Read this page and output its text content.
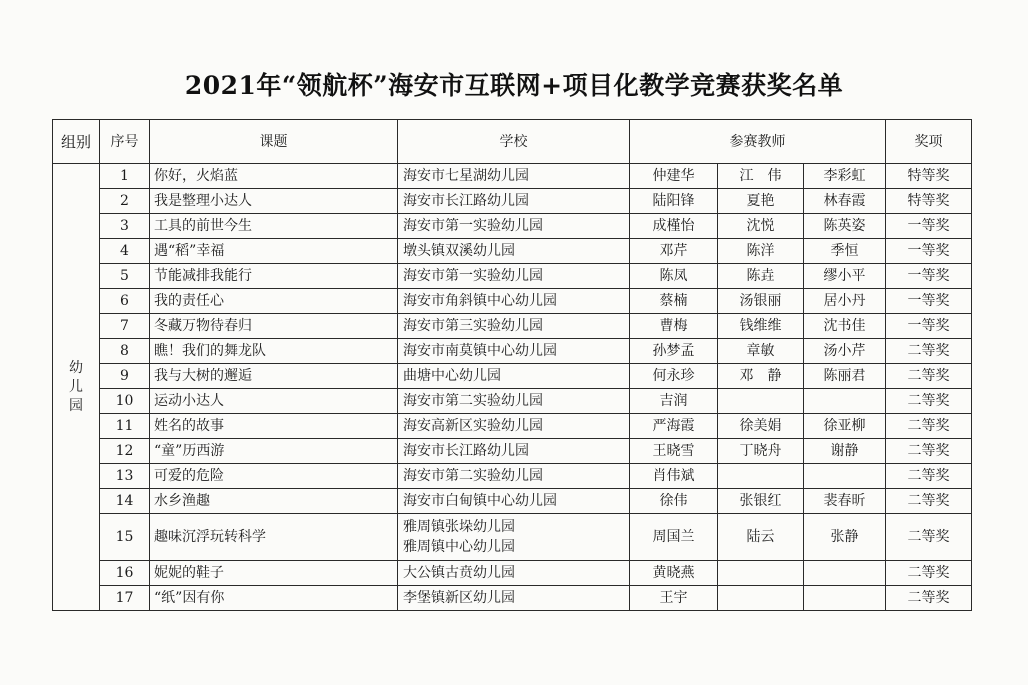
2021年“领航杯”海安市互联网+项目化教学竞赛获奖名单
组别	序号	课题	学校	参赛教师			奖项
幼儿园	1	你好，火焰蓝	海安市七星湖幼儿园	仲建华	江　伟	李彩虹	特等奖
	2	我是整理小达人	海安市长江路幼儿园	陆阳锋	夏艳	林春霞	特等奖
	3	工具的前世今生	海安市第一实验幼儿园	成槿怡	沈悦	陈英姿	一等奖
	4	遇“稻”幸福	墩头镇双溪幼儿园	邓芹	陈洋	季恒	一等奖
	5	节能减排我能行	海安市第一实验幼儿园	陈凤	陈垚	缪小平	一等奖
	6	我的责任心	海安市角斜镇中心幼儿园	蔡楠	汤银丽	居小丹	一等奖
	7	冬藏万物待春归	海安市第三实验幼儿园	曹梅	钱维维	沈书佳	一等奖
	8	瞧！我们的舞龙队	海安市南莫镇中心幼儿园	孙梦孟	章敏	汤小芹	二等奖
	9	我与大树的邂逅	曲塘中心幼儿园	何永珍	邓　静	陈丽君	二等奖
	10	运动小达人	海安市第二实验幼儿园	吉润			二等奖
	11	姓名的故事	海安高新区实验幼儿园	严海霞	徐美娟	徐亚柳	二等奖
	12	“童”历西游	海安市长江路幼儿园	王晓雪	丁晓舟	谢静	二等奖
	13	可爱的危险	海安市第二实验幼儿园	肖伟斌			二等奖
	14	水乡渔趣	海安市白甸镇中心幼儿园	徐伟	张银红	裴春昕	二等奖
	15	趣味沉浮玩转科学	雅周镇张垛幼儿园
雅周镇中心幼儿园	周国兰	陆云	张静	二等奖
	16	妮妮的鞋子	大公镇古贲幼儿园	黄晓燕			二等奖
	17	“纸”因有你	李堡镇新区幼儿园	王宇			二等奖
